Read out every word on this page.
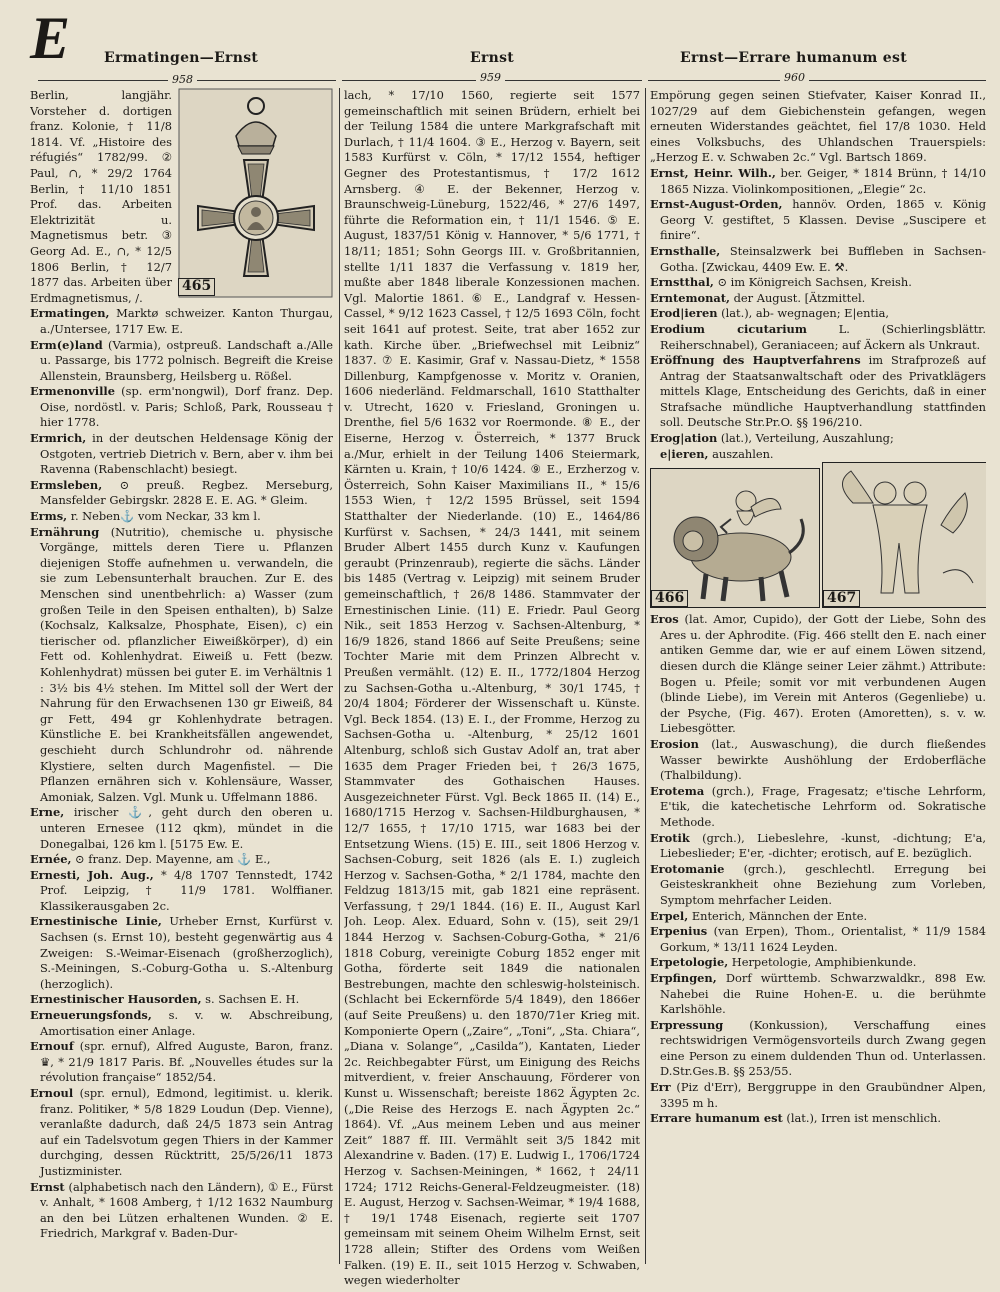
E Ermatingen—Ernst	Ernst	Ernst—Errare humanum est
958	959	960
465

Berlin, langjähr. Vorsteher d. dortigen franz. Kolonie, † 11/8 1814. Vf. „Histoire des réfugiés“ 1782/99. ② Paul, ∩, * 29/2 1764 Berlin, † 11/10 1851 Prof. das. Arbeiten Elektrizität u. Magnetismus betr. ③ Georg Ad. E., ∩, * 12/5 1806 Berlin, † 12/7 1877 das. Arbeiten über Erdmagnetismus, /.

Ermatingen, Marktø schweizer. Kanton Thurgau, a./Untersee, 1717 Ew. E.

Erm(e)land (Varmia), ostpreuß. Landschaft a./Alle u. Passarge, bis 1772 polnisch. Begreift die Kreise Allenstein, Braunsberg, Heilsberg u. Rößel.

Ermenonville (sp. erm'nongwil), Dorf franz. Dep. Oise, nordöstl. v. Paris; Schloß, Park, Rousseau † hier 1778.

Ermrich, in der deutschen Heldensage König der Ostgoten, vertrieb Dietrich v. Bern, aber v. ihm bei Ravenna (Rabenschlacht) besiegt.

Ermsleben, ⊙ preuß. Regbez. Merseburg, Mansfelder Gebirgskr. 2828 E. E. AG. * Gleim.

Erms, r. Neben⚓ vom Neckar, 33 km l.

Ernährung (Nutritio), chemische u. physische Vorgänge, mittels deren Tiere u. Pflanzen diejenigen Stoffe aufnehmen u. verwandeln, die sie zum Lebensunterhalt brauchen. Zur E. des Menschen sind unentbehrlich: a) Wasser (zum großen Teile in den Speisen enthalten), b) Salze (Kochsalz, Kalksalze, Phosphate, Eisen), c) ein tierischer od. pflanzlicher Eiweißkörper), d) ein Fett od. Kohlenhydrat. Eiweiß u. Fett (bezw. Kohlenhydrat) müssen bei guter E. im Verhältnis 1 : 3½ bis 4½ stehen. Im Mittel soll der Wert der Nahrung für den Erwachsenen 130 gr Eiweiß, 84 gr Fett, 494 gr Kohlenhydrate betragen. Künstliche E. bei Krankheitsfällen angewendet, geschieht durch Schlundrohr od. nährende Klystiere, selten durch Magenfistel. — Die Pflanzen ernähren sich v. Kohlensäure, Wasser, Amoniak, Salzen. Vgl. Munk u. Uffelmann 1886.

Erne, irischer ⚓, geht durch den oberen u. unteren Ernesee (112 qkm), mündet in die Donegalbai, 126 km l. [5175 Ew. E.

Ernée, ⊙ franz. Dep. Mayenne, am ⚓ E.,

Ernesti, Joh. Aug., * 4/8 1707 Tennstedt, 1742 Prof. Leipzig, † 11/9 1781. Wolffianer. Klassikerausgaben 2c.

Ernestinische Linie, Urheber Ernst, Kurfürst v. Sachsen (s. Ernst 10), besteht gegenwärtig aus 4 Zweigen: S.-Weimar-Eisenach (großherzoglich), S.-Meiningen, S.-Coburg-Gotha u. S.-Altenburg (herzoglich).

Ernestinischer Hausorden, s. Sachsen E. H.

Erneuerungsfonds, s. v. w. Abschreibung, Amortisation einer Anlage.

Ernouf (spr. ernuf), Alfred Auguste, Baron, franz. ♛, * 21/9 1817 Paris. Bf. „Nouvelles études sur la révolution française“ 1852/54.

Ernoul (spr. ernul), Edmond, legitimist. u. klerik. franz. Politiker, * 5/8 1829 Loudun (Dep. Vienne), veranlaßte dadurch, daß 24/5 1873 sein Antrag auf ein Tadelsvotum gegen Thiers in der Kammer durchging, dessen Rücktritt, 25/5/26/11 1873 Justizminister.

Ernst (alphabetisch nach den Ländern), ① E., Fürst v. Anhalt, * 1608 Amberg, † 1/12 1632 Naumburg an den bei Lützen erhaltenen Wunden. ② E. Friedrich, Markgraf v. Baden-Dur-

lach, * 17/10 1560, regierte seit 1577 gemeinschaftlich mit seinen Brüdern, erhielt bei der Teilung 1584 die untere Markgrafschaft mit Durlach, † 11/4 1604. ③ E., Herzog v. Bayern, seit 1583 Kurfürst v. Cöln, * 17/12 1554, heftiger Gegner des Protestantismus, † 17/2 1612 Arnsberg. ④ E. der Bekenner, Herzog v. Braunschweig-Lüneburg, 1522/46, * 27/6 1497, führte die Reformation ein, † 11/1 1546. ⑤ E. August, 1837/51 König v. Hannover, * 5/6 1771, † 18/11; 1851; Sohn Georgs III. v. Großbritannien, stellte 1/11 1837 die Verfassung v. 1819 her, mußte aber 1848 liberale Konzessionen machen. Vgl. Malortie 1861. ⑥ E., Landgraf v. Hessen-Cassel, * 9/12 1623 Cassel, † 12/5 1693 Cöln, focht seit 1641 auf protest. Seite, trat aber 1652 zur kath. Kirche über. „Briefwechsel mit Leibniz“ 1837. ⑦ E. Kasimir, Graf v. Nassau-Dietz, * 1558 Dillenburg, Kampfgenosse v. Moritz v. Oranien, 1606 niederländ. Feldmarschall, 1610 Statthalter v. Utrecht, 1620 v. Friesland, Groningen u. Drenthe, fiel 5/6 1632 vor Roermonde. ⑧ E., der Eiserne, Herzog v. Österreich, * 1377 Bruck a./Mur, erhielt in der Teilung 1406 Steiermark, Kärnten u. Krain, † 10/6 1424. ⑨ E., Erzherzog v. Österreich, Sohn Kaiser Maximilians II., * 15/6 1553 Wien, † 12/2 1595 Brüssel, seit 1594 Statthalter der Niederlande. (10) E., 1464/86 Kurfürst v. Sachsen, * 24/3 1441, mit seinem Bruder Albert 1455 durch Kunz v. Kaufungen geraubt (Prinzenraub), regierte die sächs. Länder bis 1485 (Vertrag v. Leipzig) mit seinem Bruder gemeinschaftlich, † 26/8 1486. Stammvater der Ernestinischen Linie. (11) E. Friedr. Paul Georg Nik., seit 1853 Herzog v. Sachsen-Altenburg, * 16/9 1826, stand 1866 auf Seite Preußens; seine Tochter Marie mit dem Prinzen Albrecht v. Preußen vermählt. (12) E. II., 1772/1804 Herzog zu Sachsen-Gotha u.-Altenburg, * 30/1 1745, † 20/4 1804; Förderer der Wissenschaft u. Künste. Vgl. Beck 1854. (13) E. I., der Fromme, Herzog zu Sachsen-Gotha u. -Altenburg, * 25/12 1601 Altenburg, schloß sich Gustav Adolf an, trat aber 1635 dem Prager Frieden bei, † 26/3 1675, Stammvater des Gothaischen Hauses. Ausgezeichneter Fürst. Vgl. Beck 1865 II. (14) E., 1680/1715 Herzog v. Sachsen-Hildburghausen, * 12/7 1655, † 17/10 1715, war 1683 bei der Entsetzung Wiens. (15) E. III., seit 1806 Herzog v. Sachsen-Coburg, seit 1826 (als E. I.) zugleich Herzog v. Sachsen-Gotha, * 2/1 1784, machte den Feldzug 1813/15 mit, gab 1821 eine repräsent. Verfassung, † 29/1 1844. (16) E. II., August Karl Joh. Leop. Alex. Eduard, Sohn v. (15), seit 29/1 1844 Herzog v. Sachsen-Coburg-Gotha, * 21/6 1818 Coburg, vereinigte Coburg 1852 enger mit Gotha, förderte seit 1849 die nationalen Bestrebungen, machte den schleswig-holsteinisch. (Schlacht bei Eckernförde 5/4 1849), den 1866er (auf Seite Preußens) u. den 1870/71er Krieg mit. Komponierte Opern („Zaire“, „Toni“, „Sta. Chiara“, „Diana v. Solange“, „Casilda“), Kantaten, Lieder 2c. Reichbegabter Fürst, um Einigung des Reichs mitverdient, v. freier Anschauung, Förderer von Kunst u. Wissenschaft; bereiste 1862 Ägypten 2c. („Die Reise des Herzogs E. nach Ägypten 2c.“ 1864). Vf. „Aus meinem Leben und aus meiner Zeit“ 1887 ff. III. Vermählt seit 3/5 1842 mit Alexandrine v. Baden. (17) E. Ludwig I., 1706/1724 Herzog v. Sachsen-Meiningen, * 1662, † 24/11 1724; 1712 Reichs-General-Feldzeugmeister. (18) E. August, Herzog v. Sachsen-Weimar, * 19/4 1688, † 19/1 1748 Eisenach, regierte seit 1707 gemeinsam mit seinem Oheim Wilhelm Ernst, seit 1728 allein; Stifter des Ordens vom Weißen Falken. (19) E. II., seit 1015 Herzog v. Schwaben, wegen wiederholter

Empörung gegen seinen Stiefvater, Kaiser Konrad II., 1027/29 auf dem Giebichenstein gefangen, wegen erneuten Widerstandes geächtet, fiel 17/8 1030. Held eines Volksbuchs, des Uhlandschen Trauerspiels: „Herzog E. v. Schwaben 2c.“ Vgl. Bartsch 1869.

Ernst, Heinr. Wilh., ber. Geiger, * 1814 Brünn, † 14/10 1865 Nizza. Violinkompositionen, „Elegie“ 2c.

Ernst-August-Orden, hannöv. Orden, 1865 v. König Georg V. gestiftet, 5 Klassen. Devise „Suscipere et finire“.

Ernsthalle, Steinsalzwerk bei Buffleben in Sachsen-Gotha. [Zwickau, 4409 Ew. E. ⚒.

Ernstthal, ⊙ im Königreich Sachsen, Kreish.

Erntemonat, der August. [Ätzmittel.

Erod|ieren (lat.), ab- wegnagen; E|entia,

Erodium cicutarium L. (Schierlingsblättr. Reiherschnabel), Geraniaceen; auf Äckern als Unkraut.

Eröffnung des Hauptverfahrens im Strafprozeß auf Antrag der Staatsanwaltschaft oder des Privatklägers mittels Klage, Entscheidung des Gerichts, daß in einer Strafsache mündliche Hauptverhandlung stattfinden soll. Deutsche Str.Pr.O. §§ 196/210.

Erog|ation (lat.), Verteilung, Auszahlung;
e|ieren, auszahlen.

466	467

Eros (lat. Amor, Cupido), der Gott der Liebe, Sohn des Ares u. der Aphrodite. (Fig. 466 stellt den E. nach einer antiken Gemme dar, wie er auf einem Löwen sitzend, diesen durch die Klänge seiner Leier zähmt.) Attribute: Bogen u. Pfeile; somit vor mit verbundenen Augen (blinde Liebe), im Verein mit Anteros (Gegenliebe) u. der Psyche, (Fig. 467). Eroten (Amoretten), s. v. w. Liebesgötter.

Erosion (lat., Auswaschung), die durch fließendes Wasser bewirkte Aushöhlung der Erdoberfläche (Thalbildung).

Erotema (grch.), Frage, Fragesatz; e'tische Lehrform, E'tik, die katechetische Lehrform od. Sokratische Methode.

Erotik (grch.), Liebeslehre, -kunst, -dichtung; E'a, Liebeslieder; E'er, -dichter; erotisch, auf E. bezüglich.

Erotomanie (grch.), geschlechtl. Erregung bei Geisteskrankheit ohne Beziehung zum Vorleben, Symptom mehrfacher Leiden.

Erpel, Enterich, Männchen der Ente.

Erpenius (van Erpen), Thom., Orientalist, * 11/9 1584 Gorkum, * 13/11 1624 Leyden.

Erpetologie, Herpetologie, Amphibienkunde.

Erpfingen, Dorf württemb. Schwarzwaldkr., 898 Ew. Nahebei die Ruine Hohen-E. u. die berühmte Karlshöhle.

Erpressung (Konkussion), Verschaffung eines rechtswidrigen Vermögensvorteils durch Zwang gegen eine Person zu einem duldenden Thun od. Unterlassen. D.Str.Ges.B. §§ 253/55.

Err (Piz d'Err), Berggruppe in den Graubündner Alpen, 3395 m h.

Errare humanum est (lat.), Irren ist menschlich.
